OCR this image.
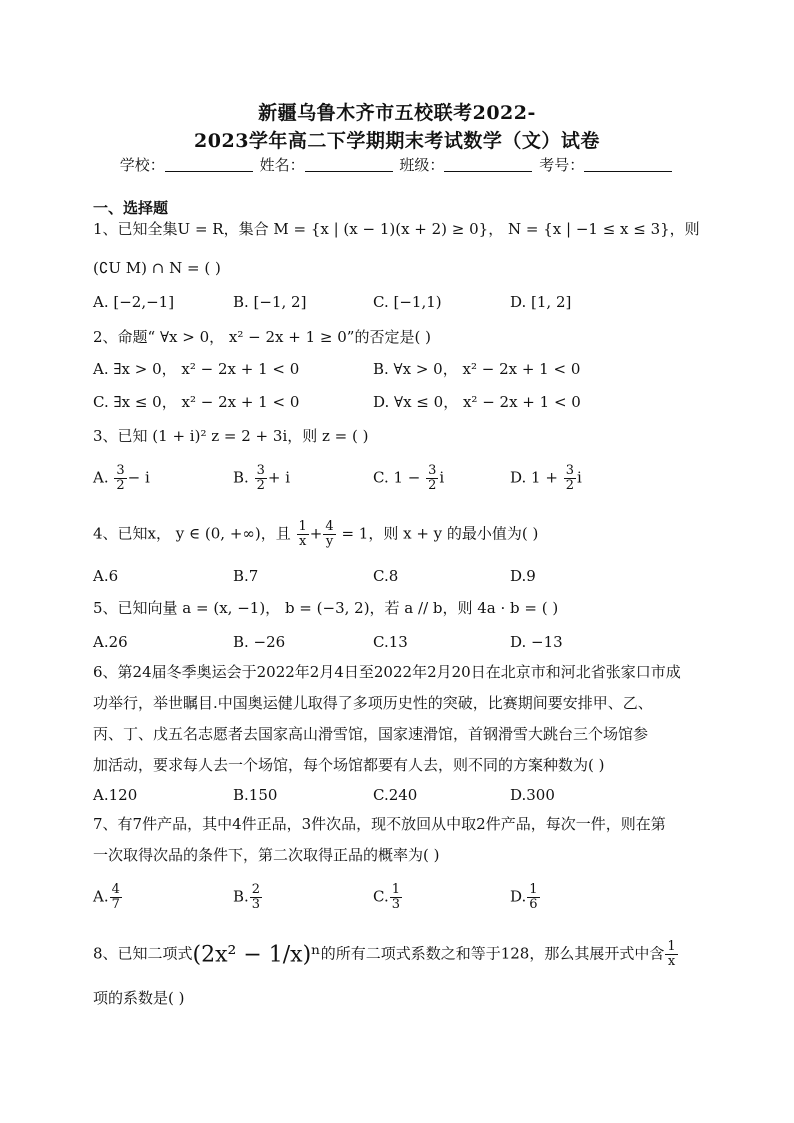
新疆乌鲁木齐市五校联考2022-
2023学年高二下学期期末考试数学（文）试卷
学校：	姓名：	班级：	考号：
一、选择题
1、已知全集U = R，集合 M = {x | (x − 1)(x + 2) ≥ 0}， N = {x | −1 ≤ x ≤ 3}，则
(∁U M) ∩ N = ( )
A. [−2,−1]	B. [−1, 2]	C. [−1,1)	D. [1, 2]
2、命题“ ∀x > 0， x² − 2x + 1 ≥ 0”的否定是( )
A. ∃x > 0， x² − 2x + 1 < 0	B. ∀x > 0， x² − 2x + 1 < 0
C. ∃x ≤ 0， x² − 2x + 1 < 0	D. ∀x ≤ 0， x² − 2x + 1 < 0
3、已知 (1 + i)² z = 2 + 3i，则 z = ( )
A. $\frac{3}{2} - i$	B. $\frac{3}{2} + i$	C. $1 - \frac{3}{2}$ i	D. $1 + \frac{3}{2}$ i
4、已知x， y ∈ (0, +∞)，且 $\frac{1}{x} + \frac{4}{y} = 1$，则 x + y 的最小值为( )
A.6	B.7	C.8	D.9
5、已知向量 a = (x, −1)， b = (−3, 2)，若 a // b，则 4a · b = ( )
A.26	B. −26	C.13	D. −13
6、第24届冬季奥运会于2022年2月4日至2022年2月20日在北京市和河北省张家口市成
功举行，举世瞩目.中国奥运健儿取得了多项历史性的突破，比赛期间要安排甲、乙、
丙、丁、戊五名志愿者去国家高山滑雪馆，国家速滑馆，首钢滑雪大跳台三个场馆参
加活动，要求每人去一个场馆，每个场馆都要有人去，则不同的方案种数为( )
A.120	B.150	C.240	D.300
7、有7件产品，其中4件正品，3件次品，现不放回从中取2件产品，每次一件，则在第
一次取得次品的条件下，第二次取得正品的概率为( )
A. $\frac{4}{7}$	B. $\frac{2}{3}$	C. $\frac{1}{3}$	D. $\frac{1}{6}$
8、已知二项式(2x² − 1/x)ⁿ的所有二项式系数之和等于128，那么其展开式中含 $\frac{1}{x}$
项的系数是( )
